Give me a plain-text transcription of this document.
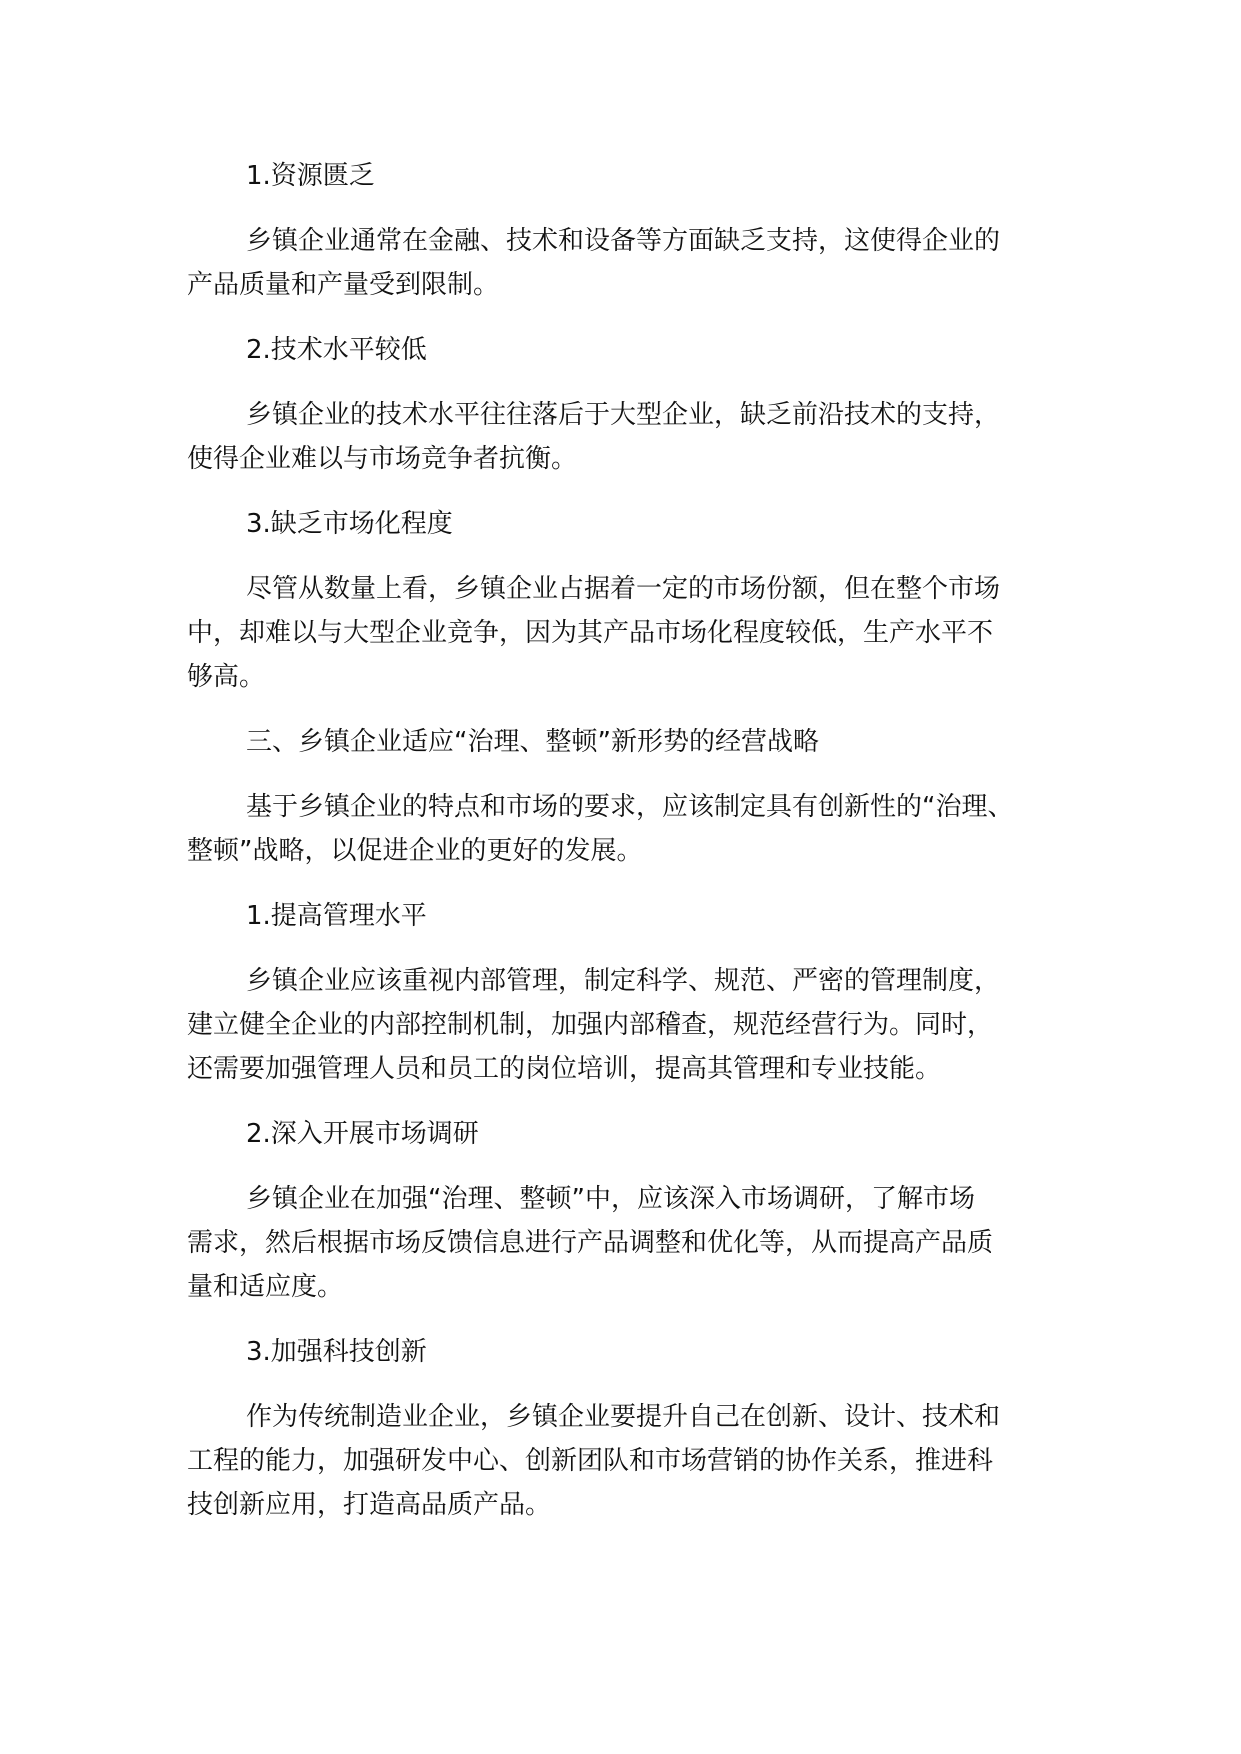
1.资源匮乏

乡镇企业通常在金融、技术和设备等方面缺乏支持，这使得企业的

产品质量和产量受到限制。

2.技术水平较低

乡镇企业的技术水平往往落后于大型企业，缺乏前沿技术的支持，

使得企业难以与市场竞争者抗衡。

3.缺乏市场化程度

尽管从数量上看，乡镇企业占据着一定的市场份额，但在整个市场

中，却难以与大型企业竞争，因为其产品市场化程度较低，生产水平不

够高。

三、乡镇企业适应“治理、整顿”新形势的经营战略

基于乡镇企业的特点和市场的要求，应该制定具有创新性的“治理、

整顿”战略，以促进企业的更好的发展。

1.提高管理水平

乡镇企业应该重视内部管理，制定科学、规范、严密的管理制度，

建立健全企业的内部控制机制，加强内部稽查，规范经营行为。同时，

还需要加强管理人员和员工的岗位培训，提高其管理和专业技能。

2.深入开展市场调研

乡镇企业在加强“治理、整顿”中，应该深入市场调研，了解市场

需求，然后根据市场反馈信息进行产品调整和优化等，从而提高产品质

量和适应度。

3.加强科技创新

作为传统制造业企业，乡镇企业要提升自己在创新、设计、技术和

工程的能力，加强研发中心、创新团队和市场营销的协作关系，推进科

技创新应用，打造高品质产品。
